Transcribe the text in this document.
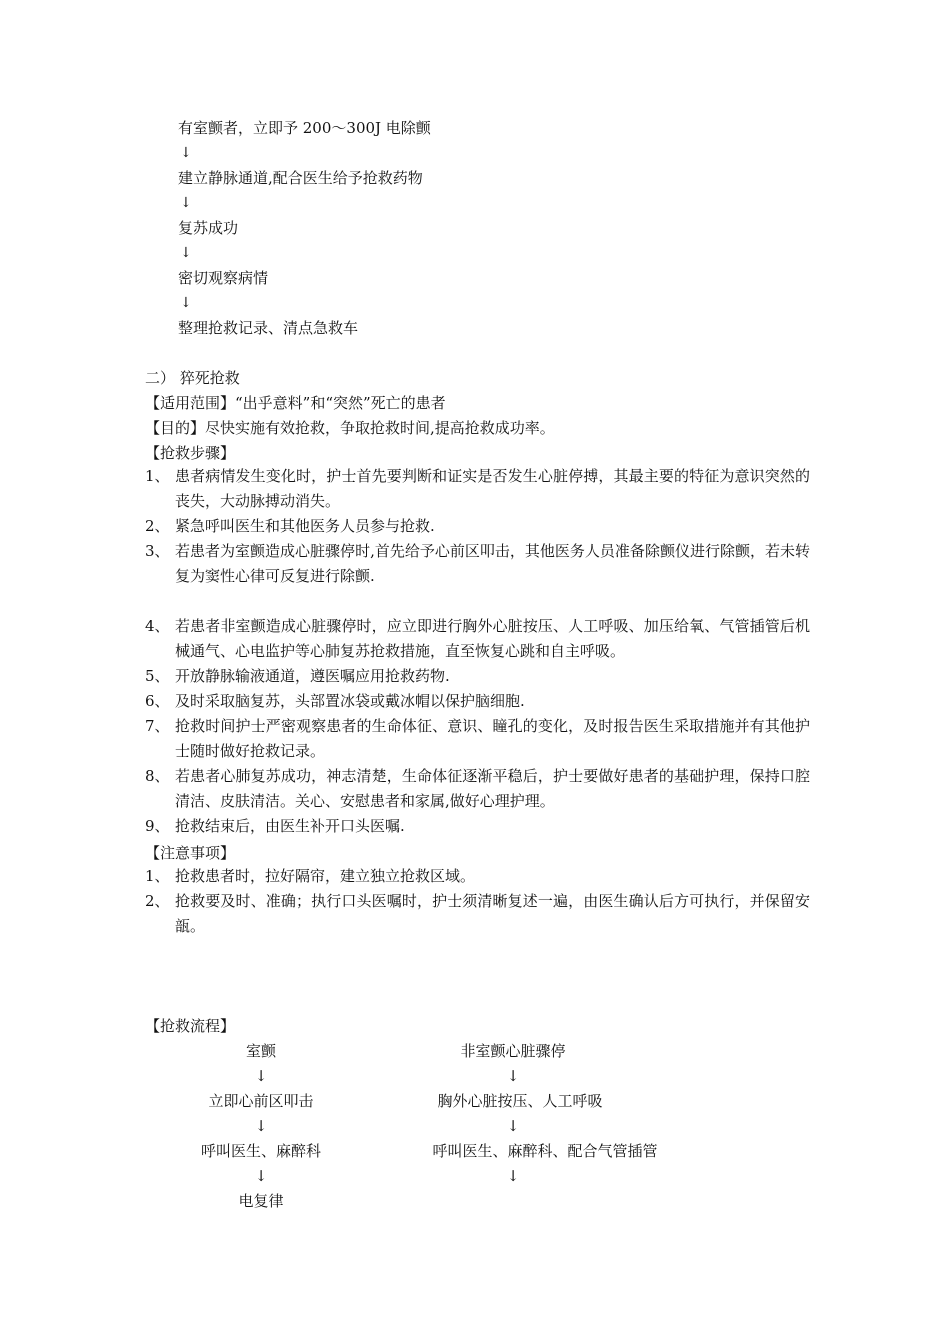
有室颤者，立即予 200～300J 电除颤
↓
建立静脉通道,配合医生给予抢救药物
↓
复苏成功
↓
密切观察病情
↓
整理抢救记录、清点急救车
二） 猝死抢救
【适用范围】“出乎意料”和“突然”死亡的患者
【目的】尽快实施有效抢救，争取抢救时间,提高抢救成功率。
【抢救步骤】
1、 患者病情发生变化时，护士首先要判断和证实是否发生心脏停搏，其最主要的特征为意识突然的丧失，大动脉搏动消失。
2、 紧急呼叫医生和其他医务人员参与抢救.
3、 若患者为室颤造成心脏骤停时,首先给予心前区叩击，其他医务人员准备除颤仪进行除颤，若未转复为窦性心律可反复进行除颤.
4、 若患者非室颤造成心脏骤停时，应立即进行胸外心脏按压、人工呼吸、加压给氧、气管插管后机械通气、心电监护等心肺复苏抢救措施，直至恢复心跳和自主呼吸。
5、 开放静脉输液通道，遵医嘱应用抢救药物.
6、 及时采取脑复苏，头部置冰袋或戴冰帽以保护脑细胞.
7、 抢救时间护士严密观察患者的生命体征、意识、瞳孔的变化，及时报告医生采取措施并有其他护士随时做好抢救记录。
8、 若患者心肺复苏成功，神志清楚，生命体征逐渐平稳后，护士要做好患者的基础护理，保持口腔清洁、皮肤清洁。关心、安慰患者和家属,做好心理护理。
9、 抢救结束后，由医生补开口头医嘱.
【注意事项】
1、 抢救患者时，拉好隔帘，建立独立抢救区域。
2、 抢救要及时、准确；执行口头医嘱时，护士须清晰复述一遍，由医生确认后方可执行，并保留安瓿。
【抢救流程】
室颤
↓
立即心前区叩击
↓
呼叫医生、麻醉科
↓
电复律
非室颤心脏骤停
↓
胸外心脏按压、人工呼吸
↓
呼叫医生、麻醉科、配合气管插管
↓
